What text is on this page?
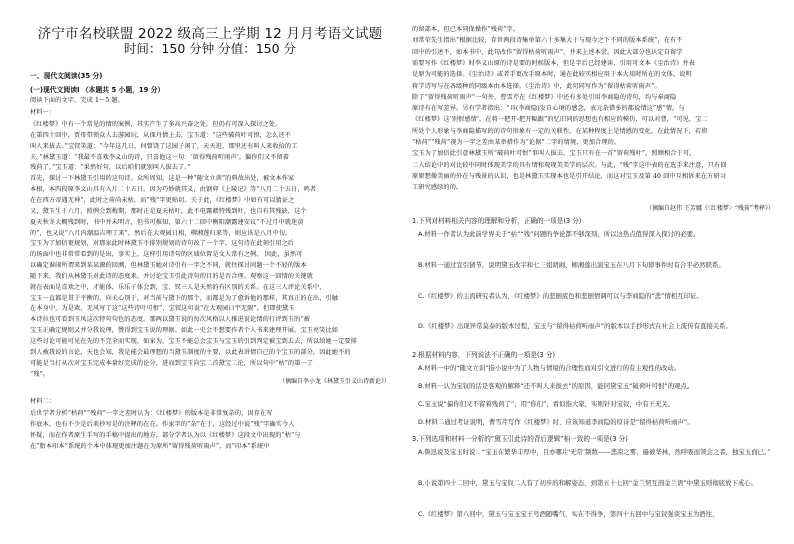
济宁市名校联盟 2022 级高三上学期 12 月月考语文试题
时间：150 分钟 分值：150 分
一、现代文阅读(35 分)
(一)现代文阅读Ⅰ （本题共 5 小题，19 分）
阅读下面的文字，完成 1～5 题。
材料一：
《红楼梦》中有一个常见的情的案例，其实产生了多高兴奋之处，但仍有可深入探讨之处。
在第四十回中，贾母带领众人去游园玩，从探丹情上去，宝玉道：“这些破荷叶可恨，怎么还不
叫人来拔去。”宝钗笑道：“今年这几日，何曾饶了这园子闲了，天天逛，那里还有叫人来收拾的工
夫。”林黛玉道：“我最不喜欢李义山的诗，只喜他这一句：‘留得残荷听雨声’。偏你们又不留着
残荷了。”宝玉道：“果然好句，以后咱们就别叫人拔去了。”
首先，探讨一下林黛玉引用的这句诗。众所周知，这是一种“随文立训”的典故出处，被文本作家
本根，本四段原李义山具有入片二十五日。因为巧妙就其义，由钢卯《上陵记》等“八月二十五日，鸣者
在在西方帝遇无神”，此时之荷尚未枯，而“残”字更贴切。关于此，《红楼梦》中如有可以猜证之
又，黛玉生于六月，照例会到梅期，那时正是夏天枯叶，此不电露赣特残到叶，也自有其残缺，这个
夏天秋冬大概残到时，书中并未明言，但书可推知，第六十二回中衡阳潮露建安议“不过月中就迷黄
的”，也又说“八月内潮温吉理了来”，然后在大观园日相，柳湘莲归来等，则应该是八月中旬。
宝玉为了加倍更规划，对那家此时林黛玉不排别规划的诗句改了一个字，这句诗在此刻引用之后
的场面中也非常常看到的是出，事实上，这样引用诗句的区域位置是文人常有之例。 因此，虽然可
以确定谁闹所谓来到某某源的回溯，但林黛玉她对诗引有一字之不同，就往探讨问题一个不轻的版本
随下来，我们从林黛玉对此诗的态度来，并讨论宝玉引此诗句的目的是否合理。观察这一回情的关键就
就在表面是喜欢之中，才能体，乐乐子体会到，宝、钗三人是天然的有区别的关系。在这三人评论关系中，
宝玉一直都是贯于平衡的，向关心别于，对当前与黛下的那个，而都是为了愈诉他的那样，其真正的在出，引触
在本身中，为是欢，无风写了这“这些诗叶可恨”，宝钗这句说“在大观园日宇无限”，但即使黛玉
本诗拉也可看到玉凤这次特句句色的态度。那两以黛玉说的每次风格以人推进说论情的行评到玉的“被
宝玉正确定规则又并分我说理，赞得到宝玉说的理据。如此一史会不想要作者个人书来建理开展。宝玉亮笑比如
这些讨论可能可见在先的不完全而实现，如家为，宝玉不能总会宝玉与宝玉的引到判定被宝到去去，所以给她一定要排
到人被我说的言论，天也会知，我是能会最理想的当黛玉制度的主要，以此表讲情自己的个宝玉的部分。因此她不的
可能是当打从次对宝玉完成本量好完成的论分，进而到宝玉向宝二首黛宝二论，所以句中“枯”的第一了
“残”。
（摘编自李小龙《林黛玉引义山诗新论》）
材料二：
后世学者分析“枯荷”“残荷”一字之差时认为：《红楼梦》的版本是非常复杂的，因存在写
作底本，也有不少是后来抄写是的注释的在在。作家字的“杂”在于，这经过中说“残”字确实令人
怀疑，而在作者原生手写的手稿中提出的地方，部分学者认为以《红楼梦》这段文中出现的“枯”与
在“脂本印本”系统的个本中体现更加注题在为原所“留得残荷听雨声”，而“印本”系统中
的留部本，但已本同保操作“残荷”字。
刘常荣先生指出“根据比较，存世两段诗集单第六十多集大于与现今之下不同的版本系统”，在有不
回中的引述不，如本书中，此句改作“留得枯荷听雨声”，并来上述本尝。因此大部分也认定自留学
需要写作《红楼梦》时李义山原的诗是要的时候版本，但是字后已经建读，引用可文本《尘治诗》并表
是原为可能的选择。《尘治诗》或者手更改手原本时，通在此较实相应用于本大用时所在的文体，说明
将学诗写与在各级种的同级本由本选择。《尘治诗》中，此句同写作为“留得枯荷听雨声”。
除了“留得残荷听雨声”一句外，曹雪芹在《红楼梦》中还有多处引用李商隐的诗句，均与奉商隐
原诗有在写差异。另有学者指出：“具(李商隐)发自心境的感念，表元杂错多的都说情这“感”情，与
《红楼梦》这‘别恨感情’，在将一把开-把开幅跟”的忆旧同的思想也有相应的模仿，可以对曹，“可见，宝二
所处个人形象与李商隐描写的的诗句形象有一定的关联性。在某种程度上是情感的变化。在此情况下，若将
“枯荷”“残荷”视为一字之差由某举措作为“论据”二字的情境，更加合理的。
宝玉为了加倍此引意林黛玉所“破荷叶可恨”事叫人拔去，宝玉只有在一首“留荷残叶”，照顾相合于可，
二人结论中的对比较中同时体现美学的具有情和观现美美学的层次。与此，“残”字这中表的在选手来注意，只有回
原原想像美丽的外在与残景的认识，也是林黛玉实现本也是引开结论，而这对宝玉及第 40 回中互相诉来在方研习
工研究感绿的的。
（摘编自赵伟 王芳娜《〈红楼梦〉“残荷”考释》）
1.下列对材料相关内容的理解和分析，正确的一项是(3 分)
A.材料一作者认为此前学界关于“枯”“残”问题的争论都不够深刻，所以这热点值得深入探讨的必要。
B.材料一通过宣引猜节，说明黛玉改字和七三姐胡闹、柳湘莲出演宝玉在八月下旬即事件时有合乎必然联系。
C.《红楼梦》的主流研究者认为，《红楼梦》的悲剧底色和悲剧情调可以与李商隐的“悲”情相互印证。
D.《红楼梦》出现异常莫泰的版本过程，宝玉与“留得枯荷听雨声”的版本以手抄形式在社会上流传有直接关系。
2.根据材料内容，下列说法不正确的一项是(3 分)
A.材料一中的“随文立训”指小说中为了人物与情境的合理性而对引文进行的有主观性的改动。
B.材料一认为宝钗的话是客观的解释“还不叫人来拔去”的原因，能同黛宝玉“破荷叶可恨”的观点。
C.宝玉说“偏你们又不留着残荷了”，用“你们”，看似指大家，实则针对宝钗，中有王无关。
D.材料二通过考证说明，曹雪芹写作《红楼梦》时，应该知道李商隐的原诗是“留得枯荷听雨声”。
3.下列选项和材料一分析的“黛玉引此诗的背后逻辑”相一致的一项是(3 分)
A.鲁迅说及宝玉时说：“宝玉在繁华丰厚中，且亦哪片‘无常’频数——悲凉之雾，遍被华林，然呼吸而领会之者，独宝玉而已。”
B.小说第四十二回中，黛玉与宝钗二人有了初步的和解姿态，到第五十七回“金兰契互剖金兰语”中黛玉则彻底放下戒心。
C.《红楼梦》第八回中，黛玉与宝玉宝王号酒随嘴气，实在不得争，第四十五回中与宝钗强谈宝玉为酒往，
